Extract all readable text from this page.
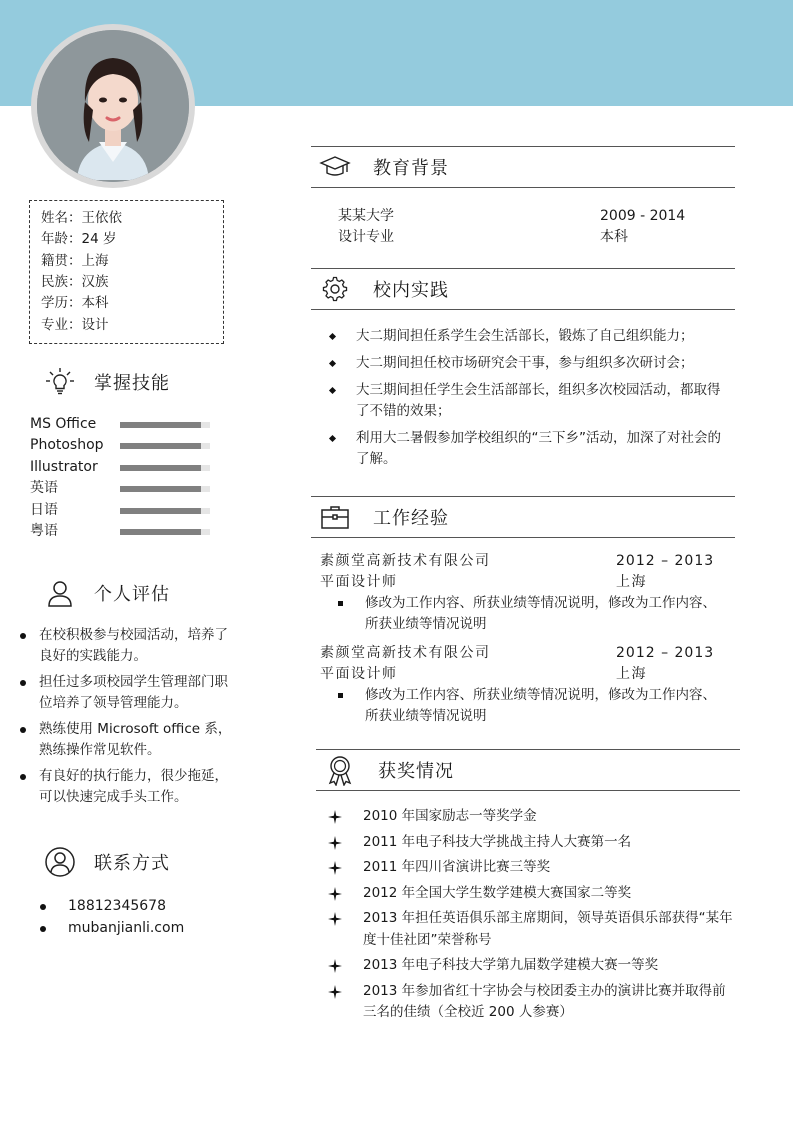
姓名：王依依
年龄：24 岁
籍贯：上海
民族：汉族
学历：本科
专业：设计
掌握技能
MS Office
Photoshop
Illustrator
英语
日语
粤语
个人评估
在校积极参与校园活动，培养了良好的实践能力。
担任过多项校园学生管理部门职位培养了领导管理能力。
熟练使用 Microsoft office 系，熟练操作常见软件。
有良好的执行能力，很少拖延，可以快速完成手头工作。
联系方式
18812345678
mubanjianli.com
教育背景
某某大学	2009 - 2014
设计专业	本科
校内实践
大二期间担任系学生会生活部长，锻炼了自己组织能力；
大二期间担任校市场研究会干事，参与组织多次研讨会；
大三期间担任学生会生活部部长，组织多次校园活动，都取得了不错的效果；
利用大二暑假参加学校组织的“三下乡”活动，加深了对社会的了解。
工作经验
素颜堂高新技术有限公司	2012 – 2013
平面设计师	上海
修改为工作内容、所获业绩等情况说明，修改为工作内容、所获业绩等情况说明
素颜堂高新技术有限公司	2012 – 2013
平面设计师	上海
修改为工作内容、所获业绩等情况说明，修改为工作内容、所获业绩等情况说明
获奖情况
2010 年国家励志一等奖学金
2011 年电子科技大学挑战主持人大赛第一名
2011 年四川省演讲比赛三等奖
2012 年全国大学生数学建模大赛国家二等奖
2013 年担任英语俱乐部主席期间，领导英语俱乐部获得“某年度十佳社团”荣誉称号
2013 年电子科技大学第九届数学建模大赛一等奖
2013 年参加省红十字协会与校团委主办的演讲比赛并取得前三名的佳绩（全校近 200 人参赛）
